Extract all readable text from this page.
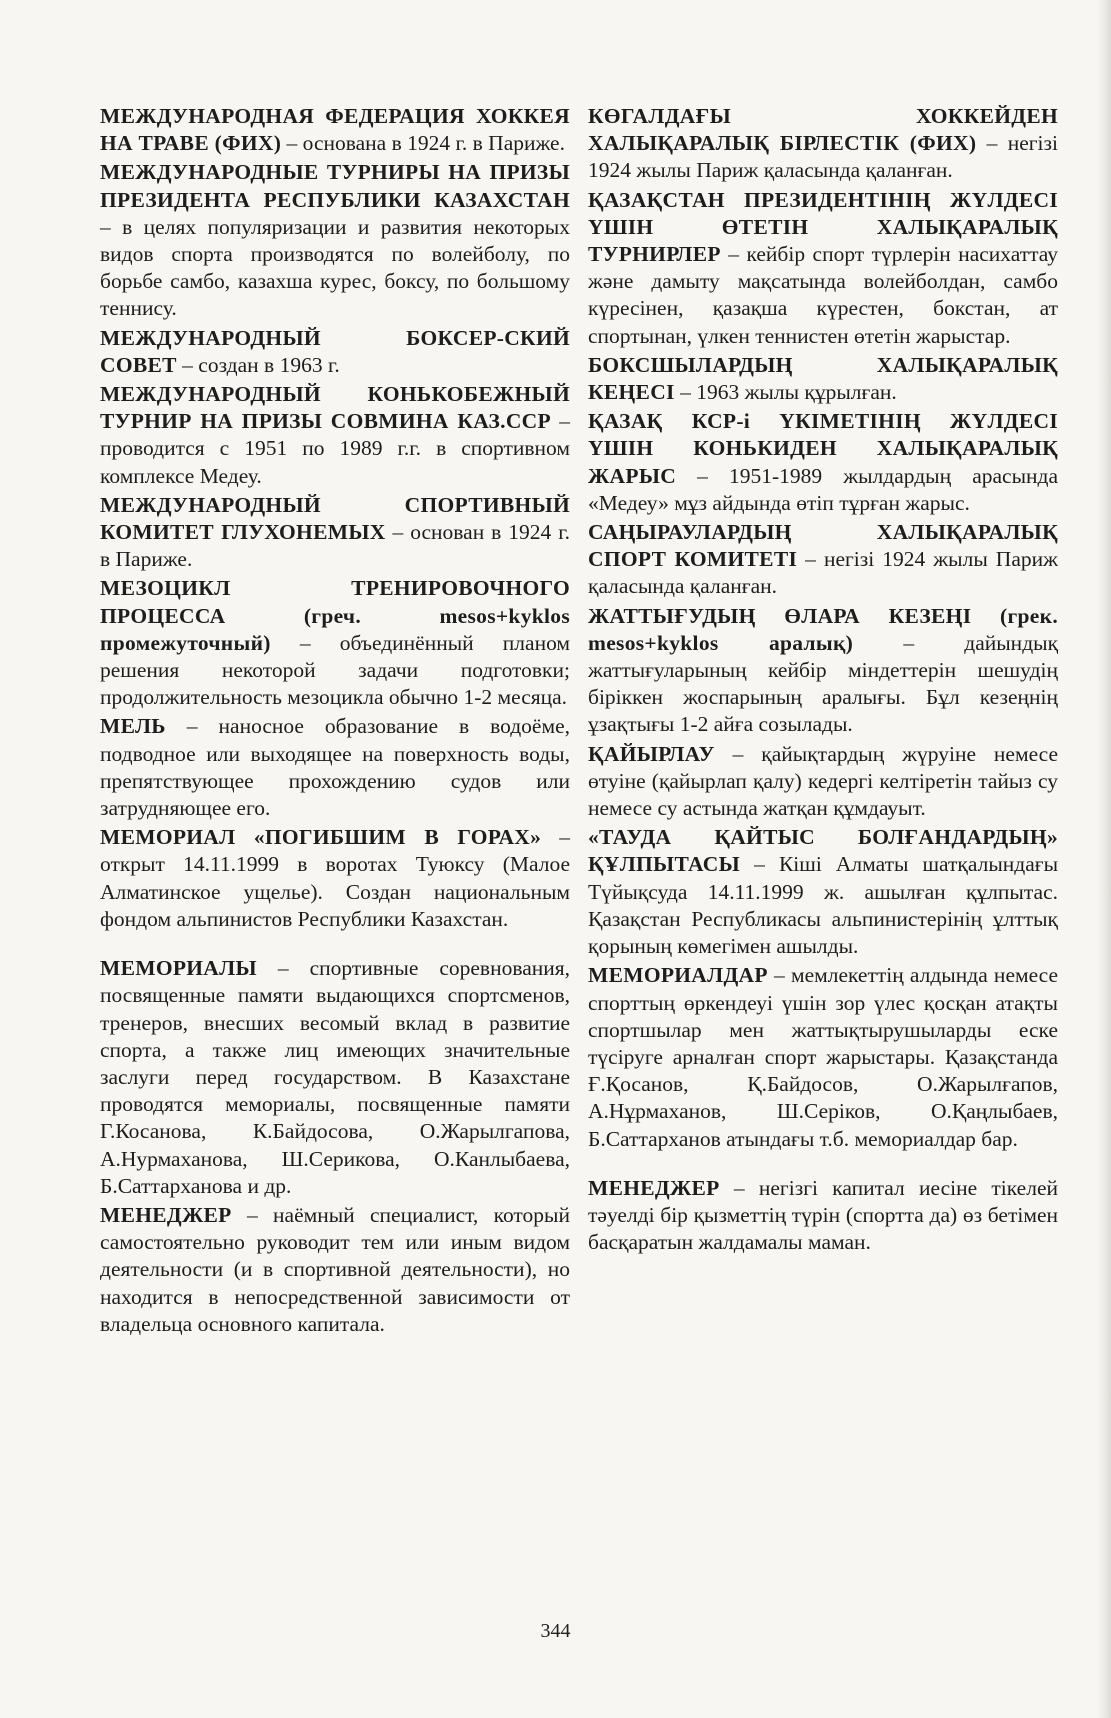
МЕЖДУНАРОДНАЯ ФЕДЕРАЦИЯ ХОККЕЯ НА ТРАВЕ (ФИХ) – основана в 1924 г. в Париже.

МЕЖДУНАРОДНЫЕ ТУРНИРЫ НА ПРИЗЫ ПРЕЗИДЕНТА РЕСПУБЛИКИ КАЗАХСТАН – в целях популяризации и развития некоторых видов спорта производятся по волейболу, по борьбе самбо, казахша курес, боксу, по большому теннису.

МЕЖДУНАРОДНЫЙ БОКСЕР-СКИЙ СОВЕТ – создан в 1963 г.

МЕЖДУНАРОДНЫЙ КОНЬКОБЕЖНЫЙ ТУРНИР НА ПРИЗЫ СОВМИНА КАЗ.ССР – проводится с 1951 по 1989 г.г. в спортивном комплексе Медеу.

МЕЖДУНАРОДНЫЙ СПОРТИВНЫЙ КОМИТЕТ ГЛУХОНЕМЫХ – основан в 1924 г. в Париже.

МЕЗОЦИКЛ ТРЕНИРОВОЧНОГО ПРОЦЕССА (греч. mesos+kyklos промежуточный) – объединённый планом решения некоторой задачи подготовки; продолжительность мезоцикла обычно 1-2 месяца.

МЕЛЬ – наносное образование в водоёме, подводное или выходящее на поверхность воды, препятствующее прохождению судов или затрудняющее его.

МЕМОРИАЛ «ПОГИБШИМ В ГОРАХ» – открыт 14.11.1999 в воротах Туюксу (Малое Алматинское ущелье). Создан национальным фондом альпинистов Республики Казахстан.

МЕМОРИАЛЫ – спортивные соревнования, посвященные памяти выдающихся спортсменов, тренеров, внесших весомый вклад в развитие спорта, а также лиц имеющих значительные заслуги перед государством. В Казахстане проводятся мемориалы, посвященные памяти Г.Косанова, К.Байдосова, О.Жарылгапова, А.Нурмаханова, Ш.Серикова, О.Канлыбаева, Б.Саттарханова и др.

МЕНЕДЖЕР – наёмный специалист, который самостоятельно руководит тем или иным видом деятельности (и в спортивной деятельности), но находится в непосредственной зависимости от владельца основного капитала.

КӨГАЛДАҒЫ ХОККЕЙДЕН ХАЛЫҚАРАЛЫҚ БІРЛЕСТІК (ФИХ) – негізі 1924 жылы Париж қаласында қаланған.

ҚАЗАҚСТАН ПРЕЗИДЕНТІНІҢ ЖҮЛДЕСІ ҮШІН ӨТЕТІН ХАЛЫҚАРАЛЫҚ ТУРНИРЛЕР – кейбір спорт түрлерін насихаттау және дамыту мақсатында волейболдан, самбо күресінен, қазақша күрестен, бокстан, ат спортынан, үлкен теннистен өтетін жарыстар.

БОКСШЫЛАРДЫҢ ХАЛЫҚАРАЛЫҚ КЕҢЕСІ – 1963 жылы құрылған.

ҚАЗАҚ КСР-і ҮКІМЕТІНІҢ ЖҮЛДЕСІ ҮШІН КОНЬКИДЕН ХАЛЫҚАРАЛЫҚ ЖАРЫС – 1951-1989 жылдардың арасында «Медеу» мұз айдында өтіп тұрған жарыс.

САҢЫРАУЛАРДЫҢ ХАЛЫҚАРАЛЫҚ СПОРТ КОМИТЕТІ – негізі 1924 жылы Париж қаласында қаланған.

ЖАТТЫҒУДЫҢ ӨЛАРА КЕЗЕҢІ (грек. mesos+kyklos аралық) – дайындық жаттығуларының кейбір міндеттерін шешудің біріккен жоспарының аралығы. Бұл кезеңнің ұзақтығы 1-2 айға созылады.

ҚАЙЫРЛАУ – қайықтардың жүруіне немесе өтуіне (қайырлап қалу) кедергі келтіретін тайыз су немесе су астында жатқан құмдауыт.

«ТАУДА ҚАЙТЫС БОЛҒАНДАРДЫҢ» ҚҰЛПЫТАСЫ – Кіші Алматы шатқалындағы Түйықсуда 14.11.1999 ж. ашылған құлпытас. Қазақстан Республикасы альпинистерінің ұлттық қорының көмегімен ашылды.

МЕМОРИАЛДАР – мемлекеттің алдында немесе спорттың өркендеуі үшін зор үлес қосқан атақты спортшылар мен жаттықтырушыларды еске түсіруге арналған спорт жарыстары. Қазақстанда Ғ.Қосанов, Қ.Байдосов, О.Жарылғапов, А.Нұрмаханов, Ш.Серіков, О.Қаңлыбаев, Б.Саттарханов атындағы т.б. мемориалдар бар.

МЕНЕДЖЕР – негізгі капитал иесіне тікелей тәуелді бір қызметтің түрін (спортта да) өз бетімен басқаратын жалдамалы маман.

344
